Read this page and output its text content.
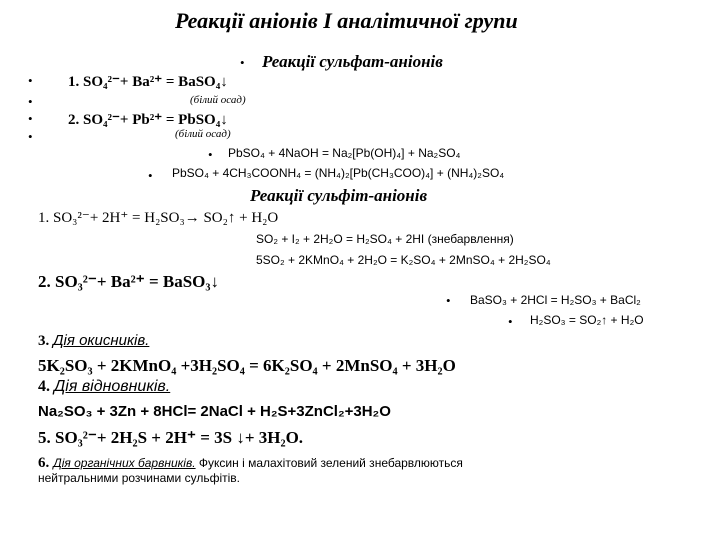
Реакції аніонів І аналітичної групи
• Реакції сульфат-аніонів
• 1. SO₄²⁻+ Ba²⁺ = BaSO₄↓
•	(білий осад)
• 2. SO₄²⁻+ Pb²⁺ = PbSO₄↓
•	(білий осад)
• PbSO₄ + 4NaOH = Na₂[Pb(OH)₄] + Na₂SO₄
• PbSO₄ + 4CH₃COONH₄ = (NH₄)₂[Pb(CH₃COO)₄] + (NH₄)₂SO₄
Реакції сульфіт-аніонів
1. SO₃²⁻+ 2H⁺ = H₂SO₃→ SO₂↑ + H₂O
SO₂ + I₂ + 2H₂O = H₂SO₄ + 2HI (знебарвлення)
5SO₂ + 2KMnO₄ + 2H₂O = K₂SO₄ + 2MnSO₄ + 2H₂SO₄
2. SO₃²⁻+ Ba²⁺ = BaSO₃↓
• BaSO₃ + 2HCl = H₂SO₃ + BaCl₂
• H₂SO₃ = SO₂↑ + H₂O
3. Дія окисників.
5K₂SO₃ + 2KMnO₄ +3H₂SO₄ = 6K₂SO₄ + 2MnSO₄ + 3H₂O
4. Дія відновників.
Na₂SO₃ + 3Zn + 8HCl= 2NaCl + H₂S+3ZnCl₂+3H₂O
5. SO₃²⁻+ 2H₂S + 2H⁺ = 3S ↓+ 3H₂O.
6. Дія органічних барвників. Фуксин і малахітовий зелений знебарвлюються
нейтральними розчинами сульфітів.
